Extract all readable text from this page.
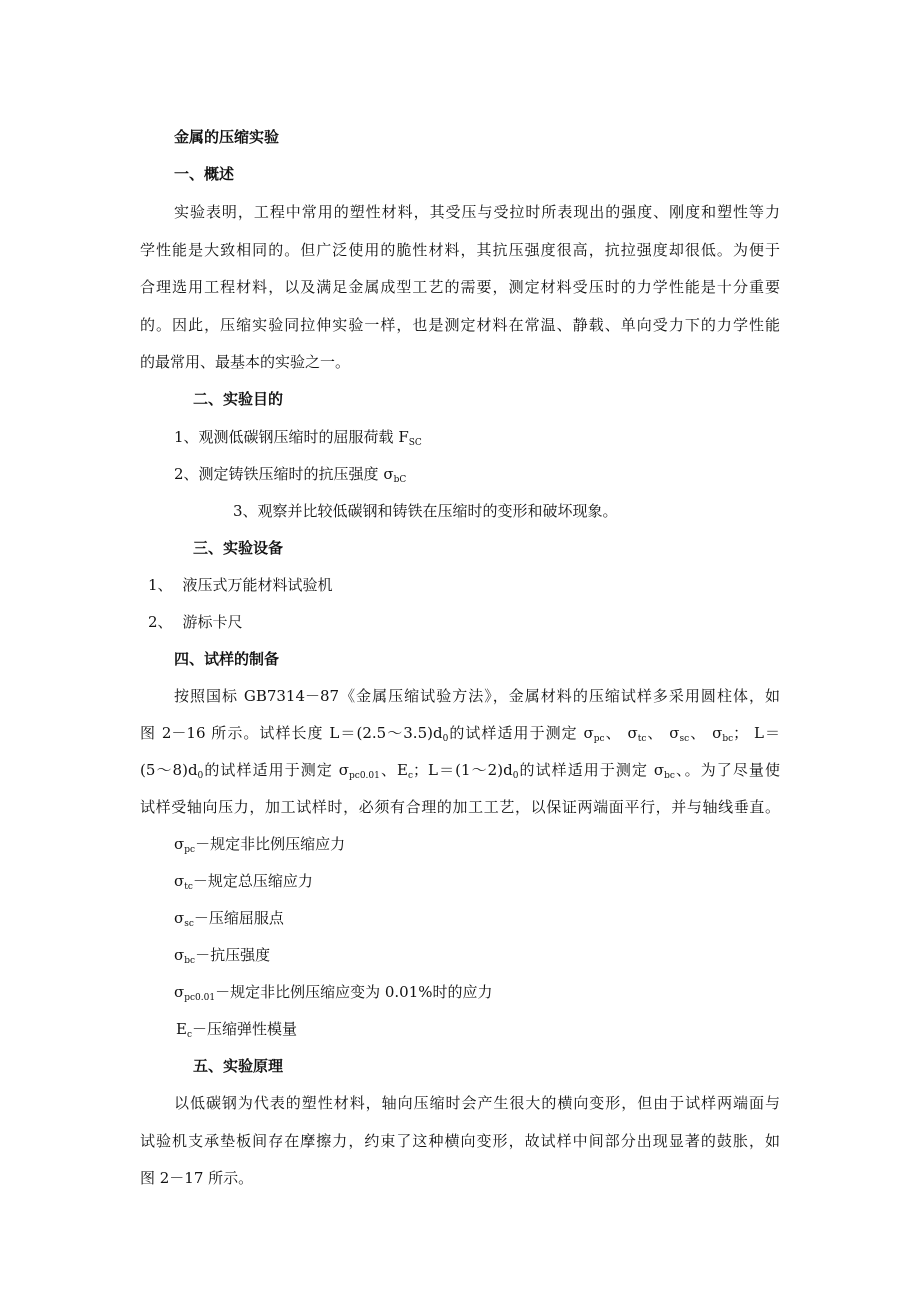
金属的压缩实验
一、概述
实验表明，工程中常用的塑性材料，其受压与受拉时所表现出的强度、刚度和塑性等力
学性能是大致相同的。但广泛使用的脆性材料，其抗压强度很高，抗拉强度却很低。为便于
合理选用工程材料，以及满足金属成型工艺的需要，测定材料受压时的力学性能是十分重要
的。因此，压缩实验同拉伸实验一样，也是测定材料在常温、静载、单向受力下的力学性能
的最常用、最基本的实验之一。
二、实验目的
1、观测低碳钢压缩时的屈服荷载 $F_{SC}$
2、测定铸铁压缩时的抗压强度 $\sigma_{bC}$
3、观察并比较低碳钢和铸铁在压缩时的变形和破坏现象。
三、实验设备
1、 液压式万能材料试验机
2、 游标卡尺
四、试样的制备
按照国标 GB7314－87《金属压缩试验方法》，金属材料的压缩试样多采用圆柱体，如
图 2－16 所示。试样长度 $L=(2.5\sim 3.5)d_0$的试样适用于测定 $\sigma_{pc}$、 $\sigma_{tc}$、 $\sigma_{sc}$、 $\sigma_{bc}$； L＝
$(5\sim 8)d_0$的试样适用于测定 $\sigma_{pc0.01}$、$E_c$；$L=(1\sim 2)d_0$的试样适用于测定 $\sigma_{bc}$、。为了尽量使
试样受轴向压力，加工试样时，必须有合理的加工工艺，以保证两端面平行，并与轴线垂直。
$\sigma_{pc}-$规定非比例压缩应力
$\sigma_{tc}-$规定总压缩应力
$\sigma_{sc}-$压缩屈服点
$\sigma_{bc}-$抗压强度
$\sigma_{pc0.01}-$规定非比例压缩应变为 0.01%时的应力
$E_c-$压缩弹性模量
五、实验原理
以低碳钢为代表的塑性材料，轴向压缩时会产生很大的横向变形，但由于试样两端面与
试验机支承垫板间存在摩擦力，约束了这种横向变形，故试样中间部分出现显著的鼓胀，如
图 2－17 所示。
